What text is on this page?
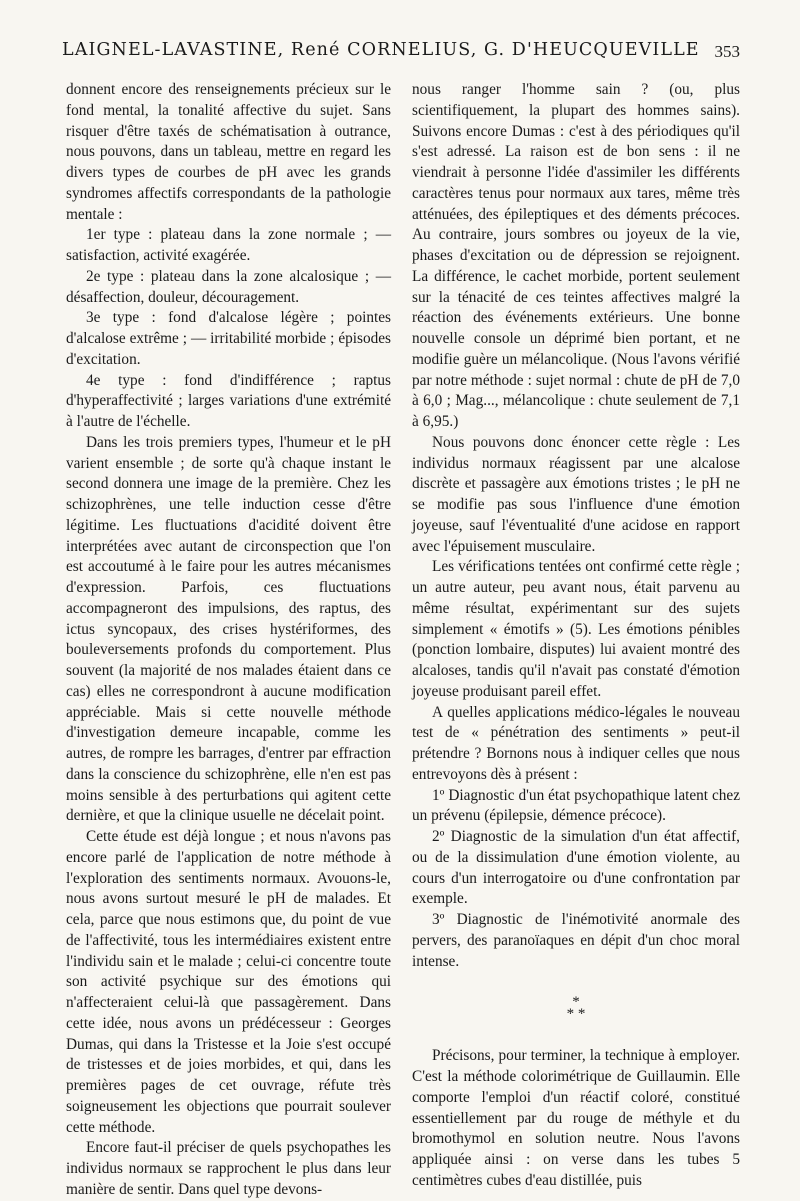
LAIGNEL-LAVASTINE, René CORNELIUS, G. D'HEUCQUEVILLE 353

donnent encore des renseignements précieux sur le fond mental, la tonalité affective du sujet. Sans risquer d'être taxés de schématisation à outrance, nous pouvons, dans un tableau, mettre en regard les divers types de courbes de pH avec les grands syndromes affectifs correspondants de la pathologie mentale :

1er type : plateau dans la zone normale ; — satisfaction, activité exagérée.

2e type : plateau dans la zone alcalosique ; — désaffection, douleur, découragement.

3e type : fond d'alcalose légère ; pointes d'alcalose extrême ; — irritabilité morbide ; épisodes d'excitation.

4e type : fond d'indifférence ; raptus d'hyperaffectivité ; larges variations d'une extrémité à l'autre de l'échelle.

Dans les trois premiers types, l'humeur et le pH varient ensemble ; de sorte qu'à chaque instant le second donnera une image de la première. Chez les schizophrènes, une telle induction cesse d'être légitime. Les fluctuations d'acidité doivent être interprétées avec autant de circonspection que l'on est accoutumé à le faire pour les autres mécanismes d'expression. Parfois, ces fluctuations accompagneront des impulsions, des raptus, des ictus syncopaux, des crises hystériformes, des bouleversements profonds du comportement. Plus souvent (la majorité de nos malades étaient dans ce cas) elles ne correspondront à aucune modification appréciable. Mais si cette nouvelle méthode d'investigation demeure incapable, comme les autres, de rompre les barrages, d'entrer par effraction dans la conscience du schizophrène, elle n'en est pas moins sensible à des perturbations qui agitent cette dernière, et que la clinique usuelle ne décelait point.

Cette étude est déjà longue ; et nous n'avons pas encore parlé de l'application de notre méthode à l'exploration des sentiments normaux. Avouons-le, nous avons surtout mesuré le pH de malades. Et cela, parce que nous estimons que, du point de vue de l'affectivité, tous les intermédiaires existent entre l'individu sain et le malade ; celui-ci concentre toute son activité psychique sur des émotions qui n'affecteraient celui-là que passagèrement. Dans cette idée, nous avons un prédécesseur : Georges Dumas, qui dans la Tristesse et la Joie s'est occupé de tristesses et de joies morbides, et qui, dans les premières pages de cet ouvrage, réfute très soigneusement les objections que pourrait soulever cette méthode.

Encore faut-il préciser de quels psychopathes les individus normaux se rapprochent le plus dans leur manière de sentir. Dans quel type devons-

nous ranger l'homme sain ? (ou, plus scientifiquement, la plupart des hommes sains). Suivons encore Dumas : c'est à des périodiques qu'il s'est adressé. La raison est de bon sens : il ne viendrait à personne l'idée d'assimiler les différents caractères tenus pour normaux aux tares, même très atténuées, des épileptiques et des déments précoces. Au contraire, jours sombres ou joyeux de la vie, phases d'excitation ou de dépression se rejoignent. La différence, le cachet morbide, portent seulement sur la ténacité de ces teintes affectives malgré la réaction des événements extérieurs. Une bonne nouvelle console un déprimé bien portant, et ne modifie guère un mélancolique. (Nous l'avons vérifié par notre méthode : sujet normal : chute de pH de 7,0 à 6,0 ; Mag..., mélancolique : chute seulement de 7,1 à 6,95.)

Nous pouvons donc énoncer cette règle : Les individus normaux réagissent par une alcalose discrète et passagère aux émotions tristes ; le pH ne se modifie pas sous l'influence d'une émotion joyeuse, sauf l'éventualité d'une acidose en rapport avec l'épuisement musculaire.

Les vérifications tentées ont confirmé cette règle ; un autre auteur, peu avant nous, était parvenu au même résultat, expérimentant sur des sujets simplement « émotifs » (5). Les émotions pénibles (ponction lombaire, disputes) lui avaient montré des alcaloses, tandis qu'il n'avait pas constaté d'émotion joyeuse produisant pareil effet.

A quelles applications médico-légales le nouveau test de « pénétration des sentiments » peut-il prétendre ? Bornons nous à indiquer celles que nous entrevoyons dès à présent :

1º Diagnostic d'un état psychopathique latent chez un prévenu (épilepsie, démence précoce).

2º Diagnostic de la simulation d'un état affectif, ou de la dissimulation d'une émotion violente, au cours d'un interrogatoire ou d'une confrontation par exemple.

3º Diagnostic de l'inémotivité anormale des pervers, des paranoïaques en dépit d'un choc moral intense.

*
* *

Précisons, pour terminer, la technique à employer. C'est la méthode colorimétrique de Guillaumin. Elle comporte l'emploi d'un réactif coloré, constitué essentiellement par du rouge de méthyle et du bromothymol en solution neutre. Nous l'avons appliquée ainsi : on verse dans les tubes 5 centimètres cubes d'eau distillée, puis
